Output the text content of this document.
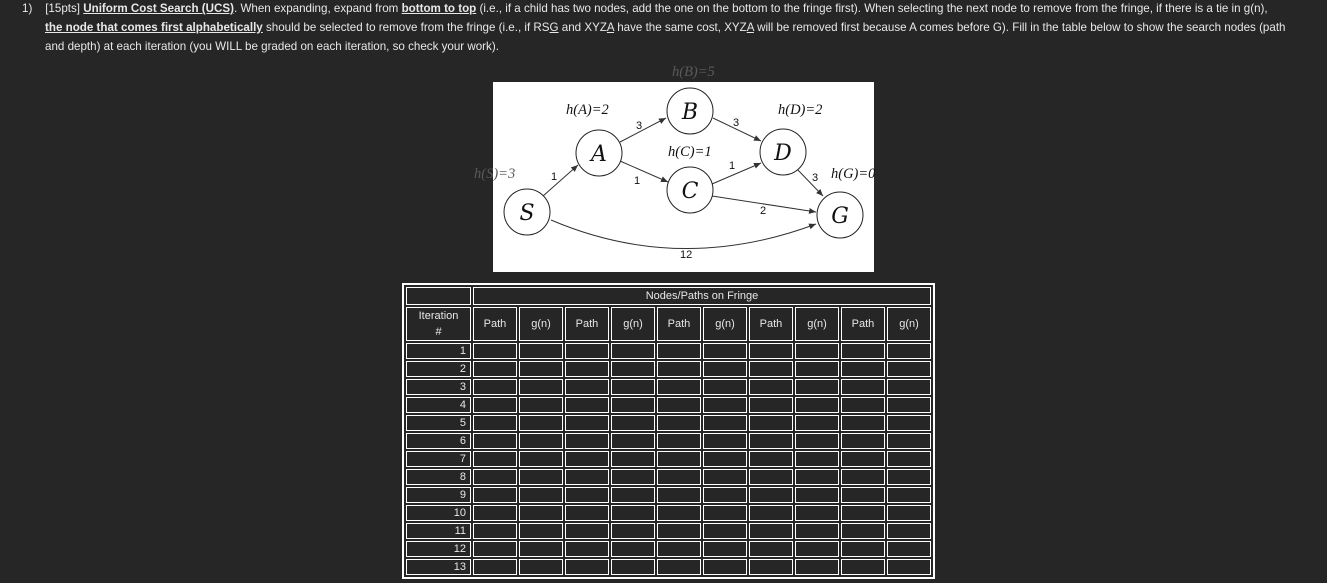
1) [15pts] Uniform Cost Search (UCS). When expanding, expand from bottom to top (i.e., if a child has two nodes, add the one on the bottom to the fringe first). When selecting the next node to remove from the fringe, if there is a tie in g(n),
the node that comes first alphabetically should be selected to remove from the fringe (i.e., if RSG and XYZA have the same cost, XYZA will be removed first because A comes before G). Fill in the table below to show the search nodes (path
and depth) at each iteration (you WILL be graded on each iteration, so check your work).
S
A
B
C
D
G
h(S)=3
h(A)=2
h(B)=5
h(C)=1
h(D)=2
h(G)=0
1
3
1
3
1
3
2
12
	Nodes/Paths on Fringe									
Iteration
#	Path	g(n)	Path	g(n)	Path	g(n)	Path	g(n)	Path	g(n)
1										
2										
3										
4										
5										
6										
7										
8										
9										
10										
11										
12										
13										
